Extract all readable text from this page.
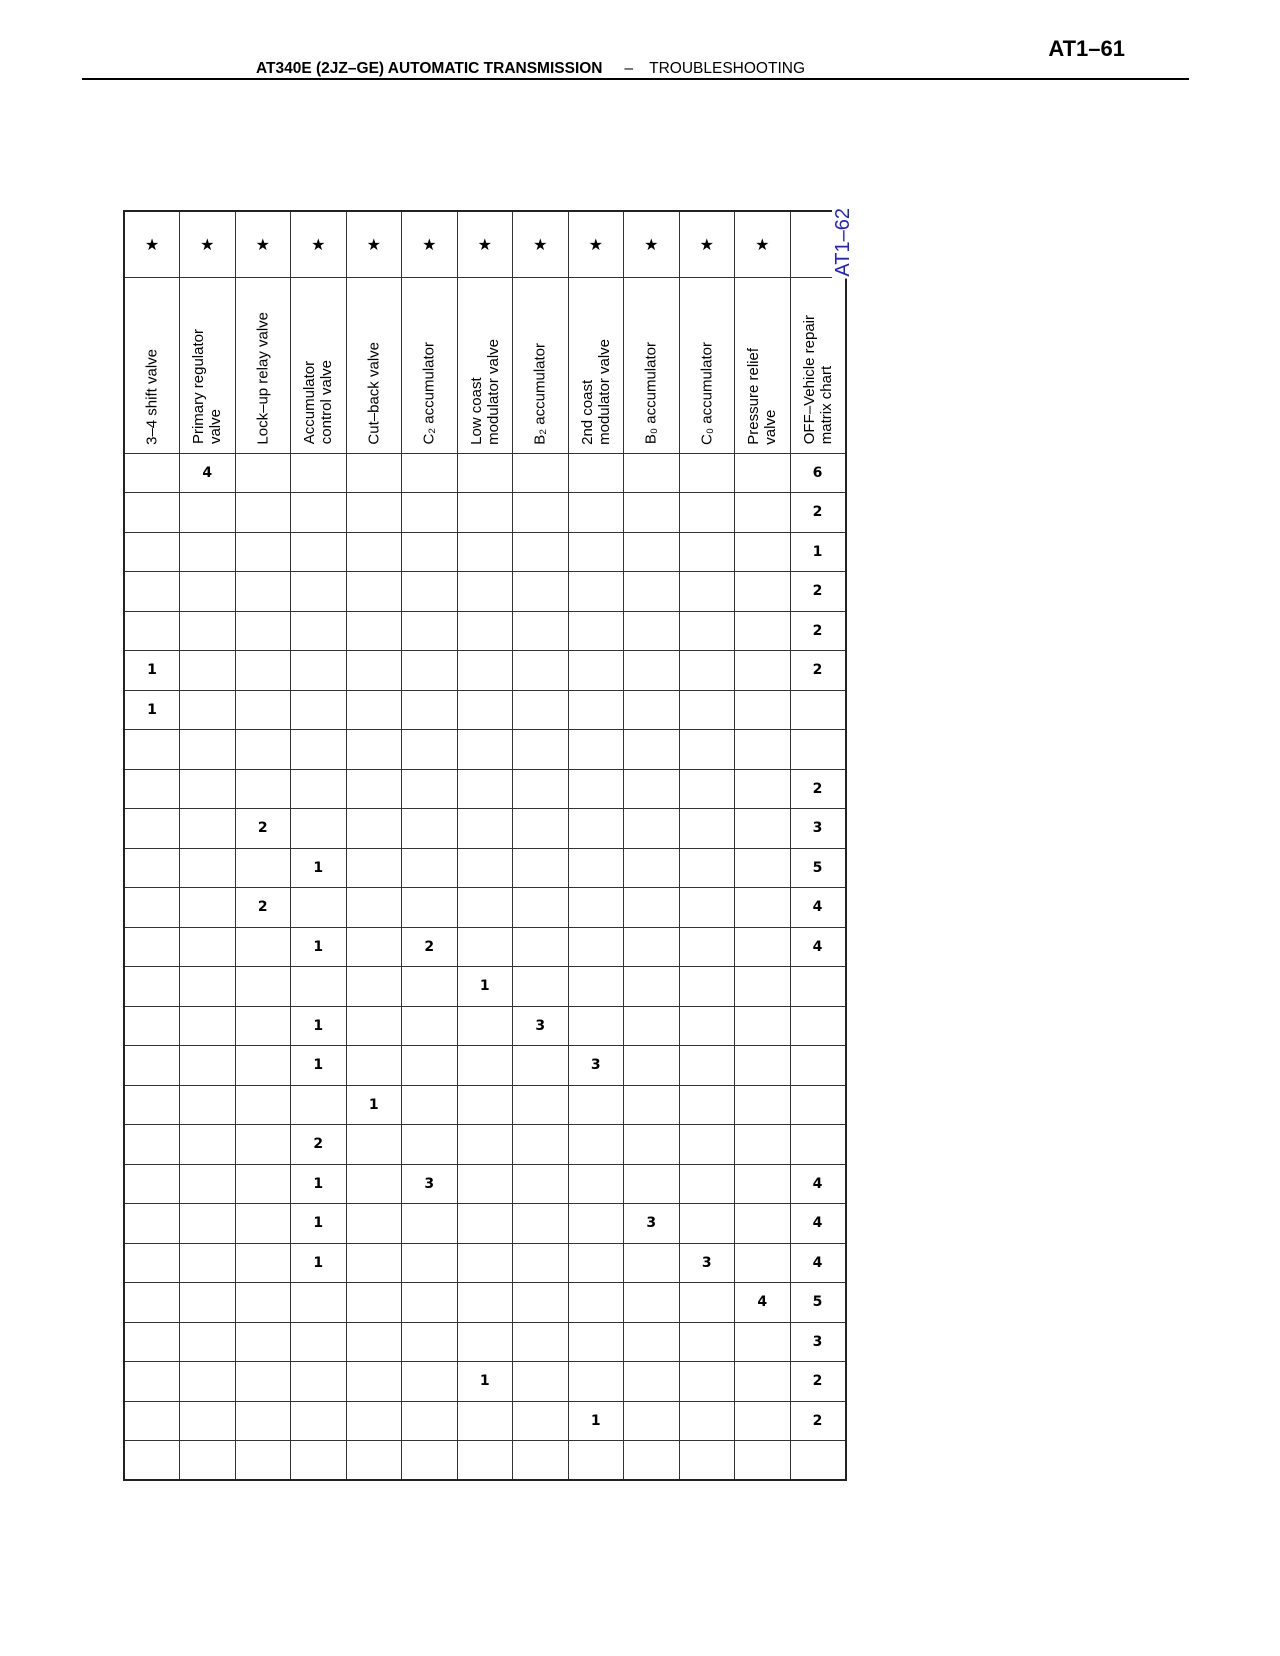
AT1–61
AT340E (2JZ–GE) AUTOMATIC TRANSMISSION – TROUBLESHOOTING
★	★	★	★	★	★	★	★	★	★	★	★	

3–4 shift valve	Primary regulator
valve	Lock–up relay valve	Accumulator
control valve	Cut–back valve	C₂ accumulator	Low coast
modulator valve	B₂ accumulator	2nd coast
modulator valve	B₀ accumulator	C₀ accumulator	Pressure relief
valve	OFF–Vehicle repair
matrix chart

	4											6
												2
												1
												2
												2
1												2
1												

												2
		2										3
			1									5
		2										4
			1		2							4
						1						
			1				3					
			1					3				
				1								
			2									
			1		3							4
			1						3			4
			1							3		4
											4	5
												3
						1						2
								1				2

AT1–62
